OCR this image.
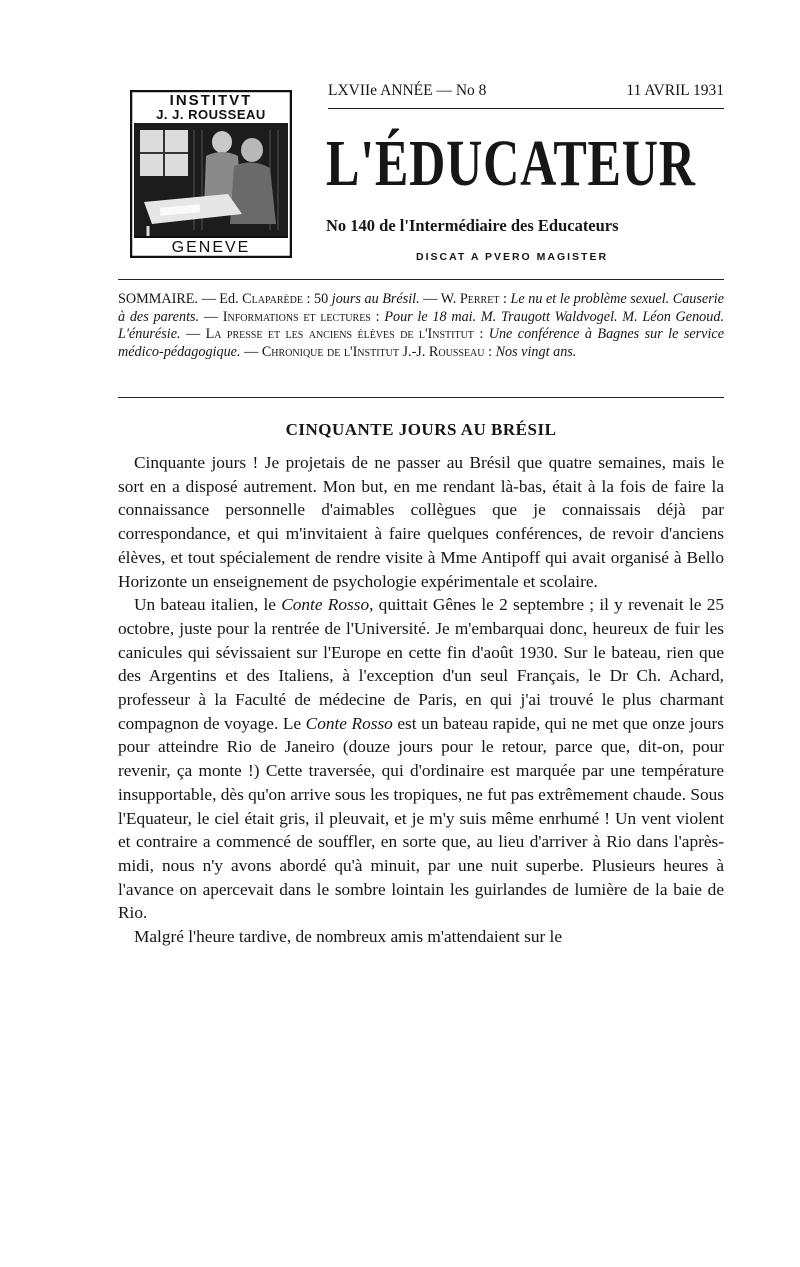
INSTITVT
J. J. ROUSSEAU
GENEVE
LXVIIe ANNÉE — No 8	11 AVRIL 1931
L'ÉDUCATEUR
No 140 de l'Intermédiaire des Educateurs
DISCAT A PVERO MAGISTER
SOMMAIRE. — Ed. Claparède : 50 jours au Brésil. — W. Perret : Le nu et le problème sexuel. Causerie à des parents. — Informations et lectures : Pour le 18 mai. M. Traugott Waldvogel. M. Léon Genoud. L'énurésie. — La presse et les anciens élèves de l'Institut : Une conférence à Bagnes sur le service médico-pédagogique. — Chronique de l'Institut J.-J. Rousseau : Nos vingt ans.
CINQUANTE JOURS AU BRÉSIL

Cinquante jours ! Je projetais de ne passer au Brésil que quatre semaines, mais le sort en a disposé autrement. Mon but, en me rendant là-bas, était à la fois de faire la connaissance personnelle d'aimables collègues que je connaissais déjà par correspondance, et qui m'invitaient à faire quelques conférences, de revoir d'anciens élèves, et tout spécialement de rendre visite à Mme Antipoff qui avait organisé à Bello Horizonte un enseignement de psychologie expérimentale et scolaire.

Un bateau italien, le Conte Rosso, quittait Gênes le 2 septembre ; il y revenait le 25 octobre, juste pour la rentrée de l'Université. Je m'embarquai donc, heureux de fuir les canicules qui sévissaient sur l'Europe en cette fin d'août 1930. Sur le bateau, rien que des Argentins et des Italiens, à l'exception d'un seul Français, le Dr Ch. Achard, professeur à la Faculté de médecine de Paris, en qui j'ai trouvé le plus charmant compagnon de voyage. Le Conte Rosso est un bateau rapide, qui ne met que onze jours pour atteindre Rio de Janeiro (douze jours pour le retour, parce que, dit-on, pour revenir, ça monte !) Cette traversée, qui d'ordinaire est marquée par une température insupportable, dès qu'on arrive sous les tropiques, ne fut pas extrêmement chaude. Sous l'Equateur, le ciel était gris, il pleuvait, et je m'y suis même enrhumé ! Un vent violent et contraire a commencé de souffler, en sorte que, au lieu d'arriver à Rio dans l'après-midi, nous n'y avons abordé qu'à minuit, par une nuit superbe. Plusieurs heures à l'avance on apercevait dans le sombre lointain les guirlandes de lumière de la baie de Rio.

Malgré l'heure tardive, de nombreux amis m'attendaient sur le
